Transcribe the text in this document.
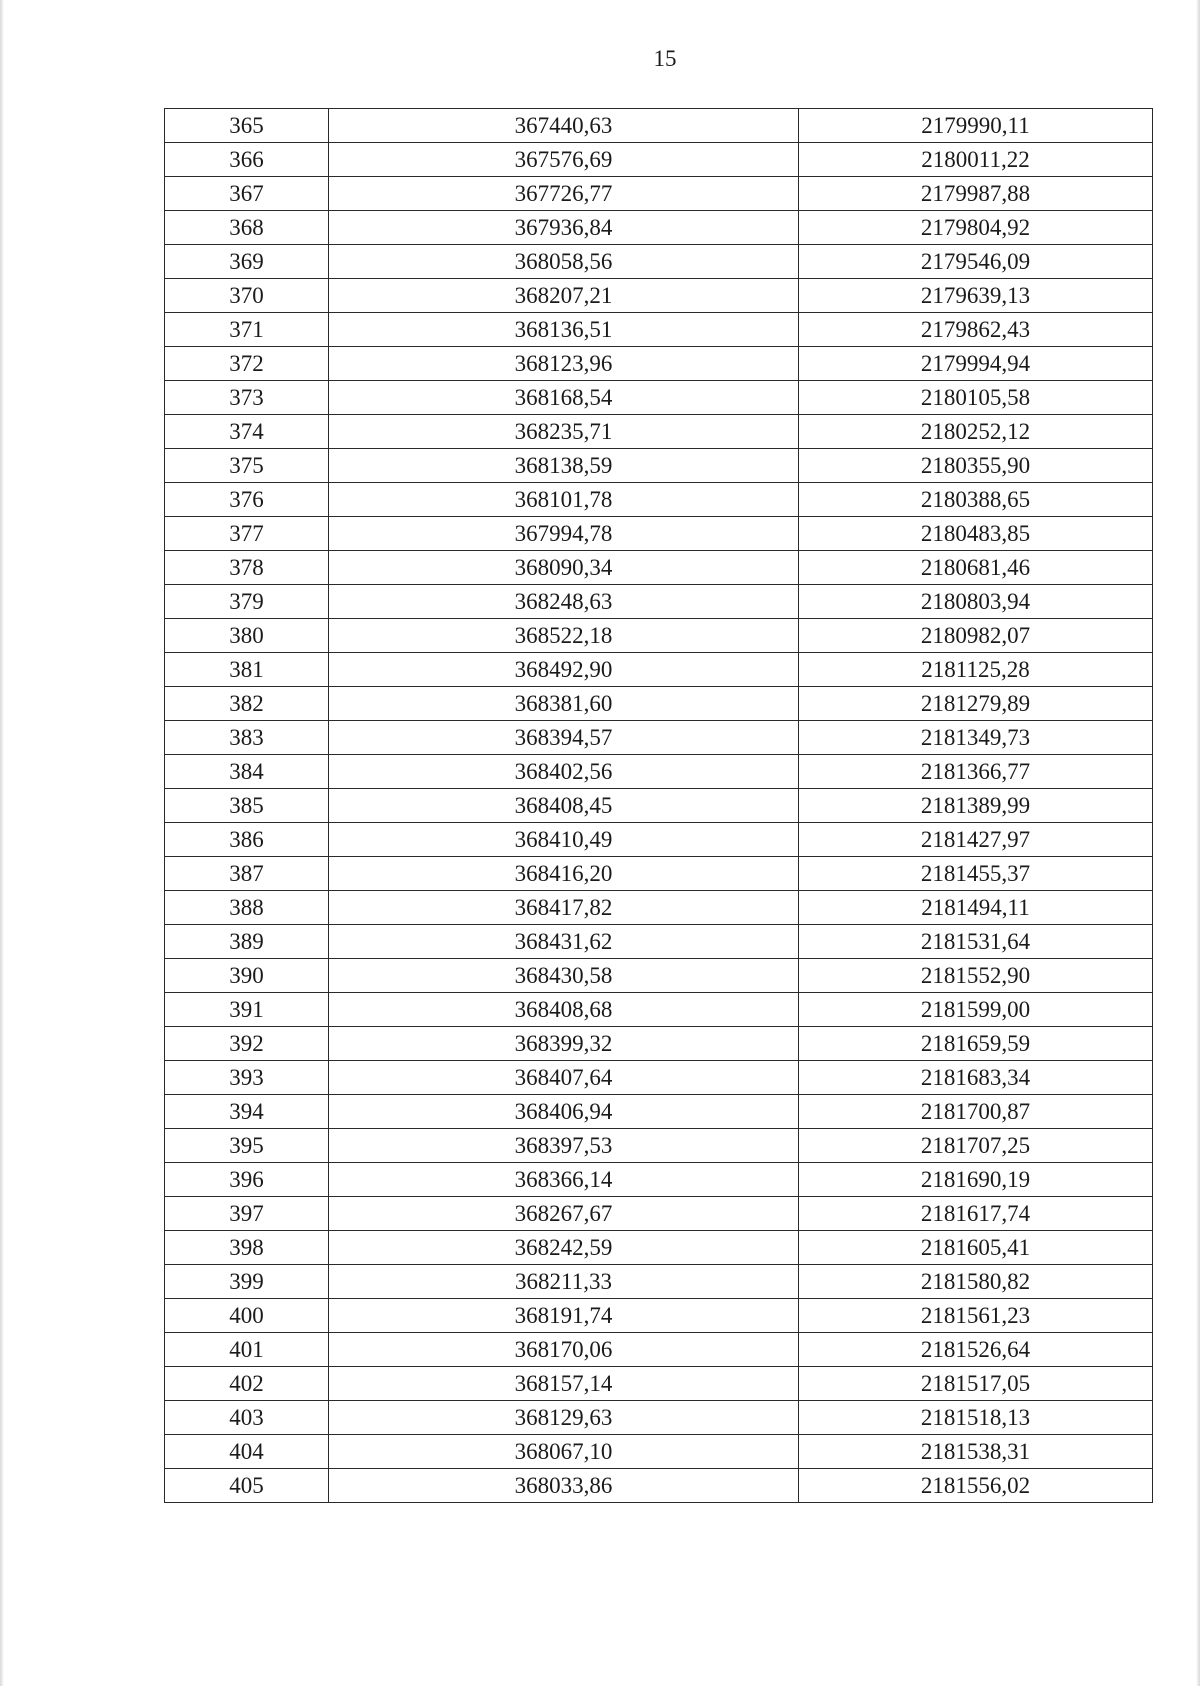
15
365	367440,63	2179990,11
366	367576,69	2180011,22
367	367726,77	2179987,88
368	367936,84	2179804,92
369	368058,56	2179546,09
370	368207,21	2179639,13
371	368136,51	2179862,43
372	368123,96	2179994,94
373	368168,54	2180105,58
374	368235,71	2180252,12
375	368138,59	2180355,90
376	368101,78	2180388,65
377	367994,78	2180483,85
378	368090,34	2180681,46
379	368248,63	2180803,94
380	368522,18	2180982,07
381	368492,90	2181125,28
382	368381,60	2181279,89
383	368394,57	2181349,73
384	368402,56	2181366,77
385	368408,45	2181389,99
386	368410,49	2181427,97
387	368416,20	2181455,37
388	368417,82	2181494,11
389	368431,62	2181531,64
390	368430,58	2181552,90
391	368408,68	2181599,00
392	368399,32	2181659,59
393	368407,64	2181683,34
394	368406,94	2181700,87
395	368397,53	2181707,25
396	368366,14	2181690,19
397	368267,67	2181617,74
398	368242,59	2181605,41
399	368211,33	2181580,82
400	368191,74	2181561,23
401	368170,06	2181526,64
402	368157,14	2181517,05
403	368129,63	2181518,13
404	368067,10	2181538,31
405	368033,86	2181556,02
